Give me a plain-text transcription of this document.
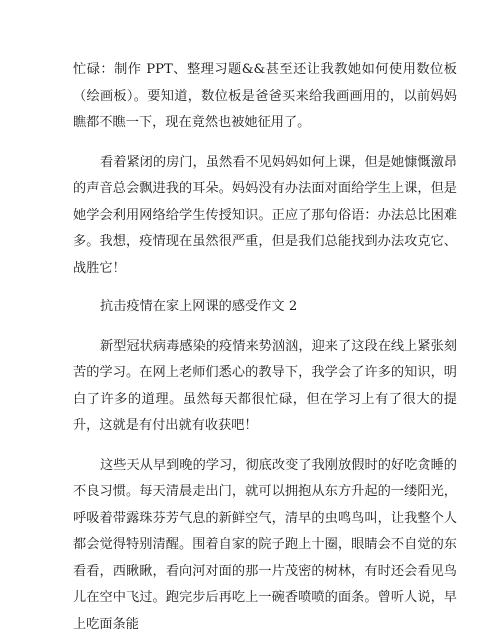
忙碌：制作 PPT、整理习题&&甚至还让我教她如何使用数位板（绘画板）。要知道，数位板是爸爸买来给我画画用的，以前妈妈瞧都不瞧一下，现在竟然也被她征用了。

看着紧闭的房门，虽然看不见妈妈如何上课，但是她慷慨激昂的声音总会飘进我的耳朵。妈妈没有办法面对面给学生上课，但是她学会利用网络给学生传授知识。正应了那句俗语：办法总比困难多。我想，疫情现在虽然很严重，但是我们总能找到办法攻克它、战胜它！

抗击疫情在家上网课的感受作文 2

新型冠状病毒感染的疫情来势汹汹，迎来了这段在线上紧张刻苦的学习。在网上老师们悉心的教导下，我学会了许多的知识，明白了许多的道理。虽然每天都很忙碌，但在学习上有了很大的提升，这就是有付出就有收获吧！

这些天从早到晚的学习，彻底改变了我刚放假时的好吃贪睡的不良习惯。每天清晨走出门，就可以拥抱从东方升起的一缕阳光，呼吸着带露珠芬芳气息的新鲜空气，清早的虫鸣鸟叫，让我整个人都会觉得特别清醒。围着自家的院子跑上十圈，眼睛会不自觉的东看看，西瞅瞅，看向河对面的那一片茂密的树林，有时还会看见鸟儿在空中飞过。跑完步后再吃上一碗香喷喷的面条。曾听人说，早上吃面条能
